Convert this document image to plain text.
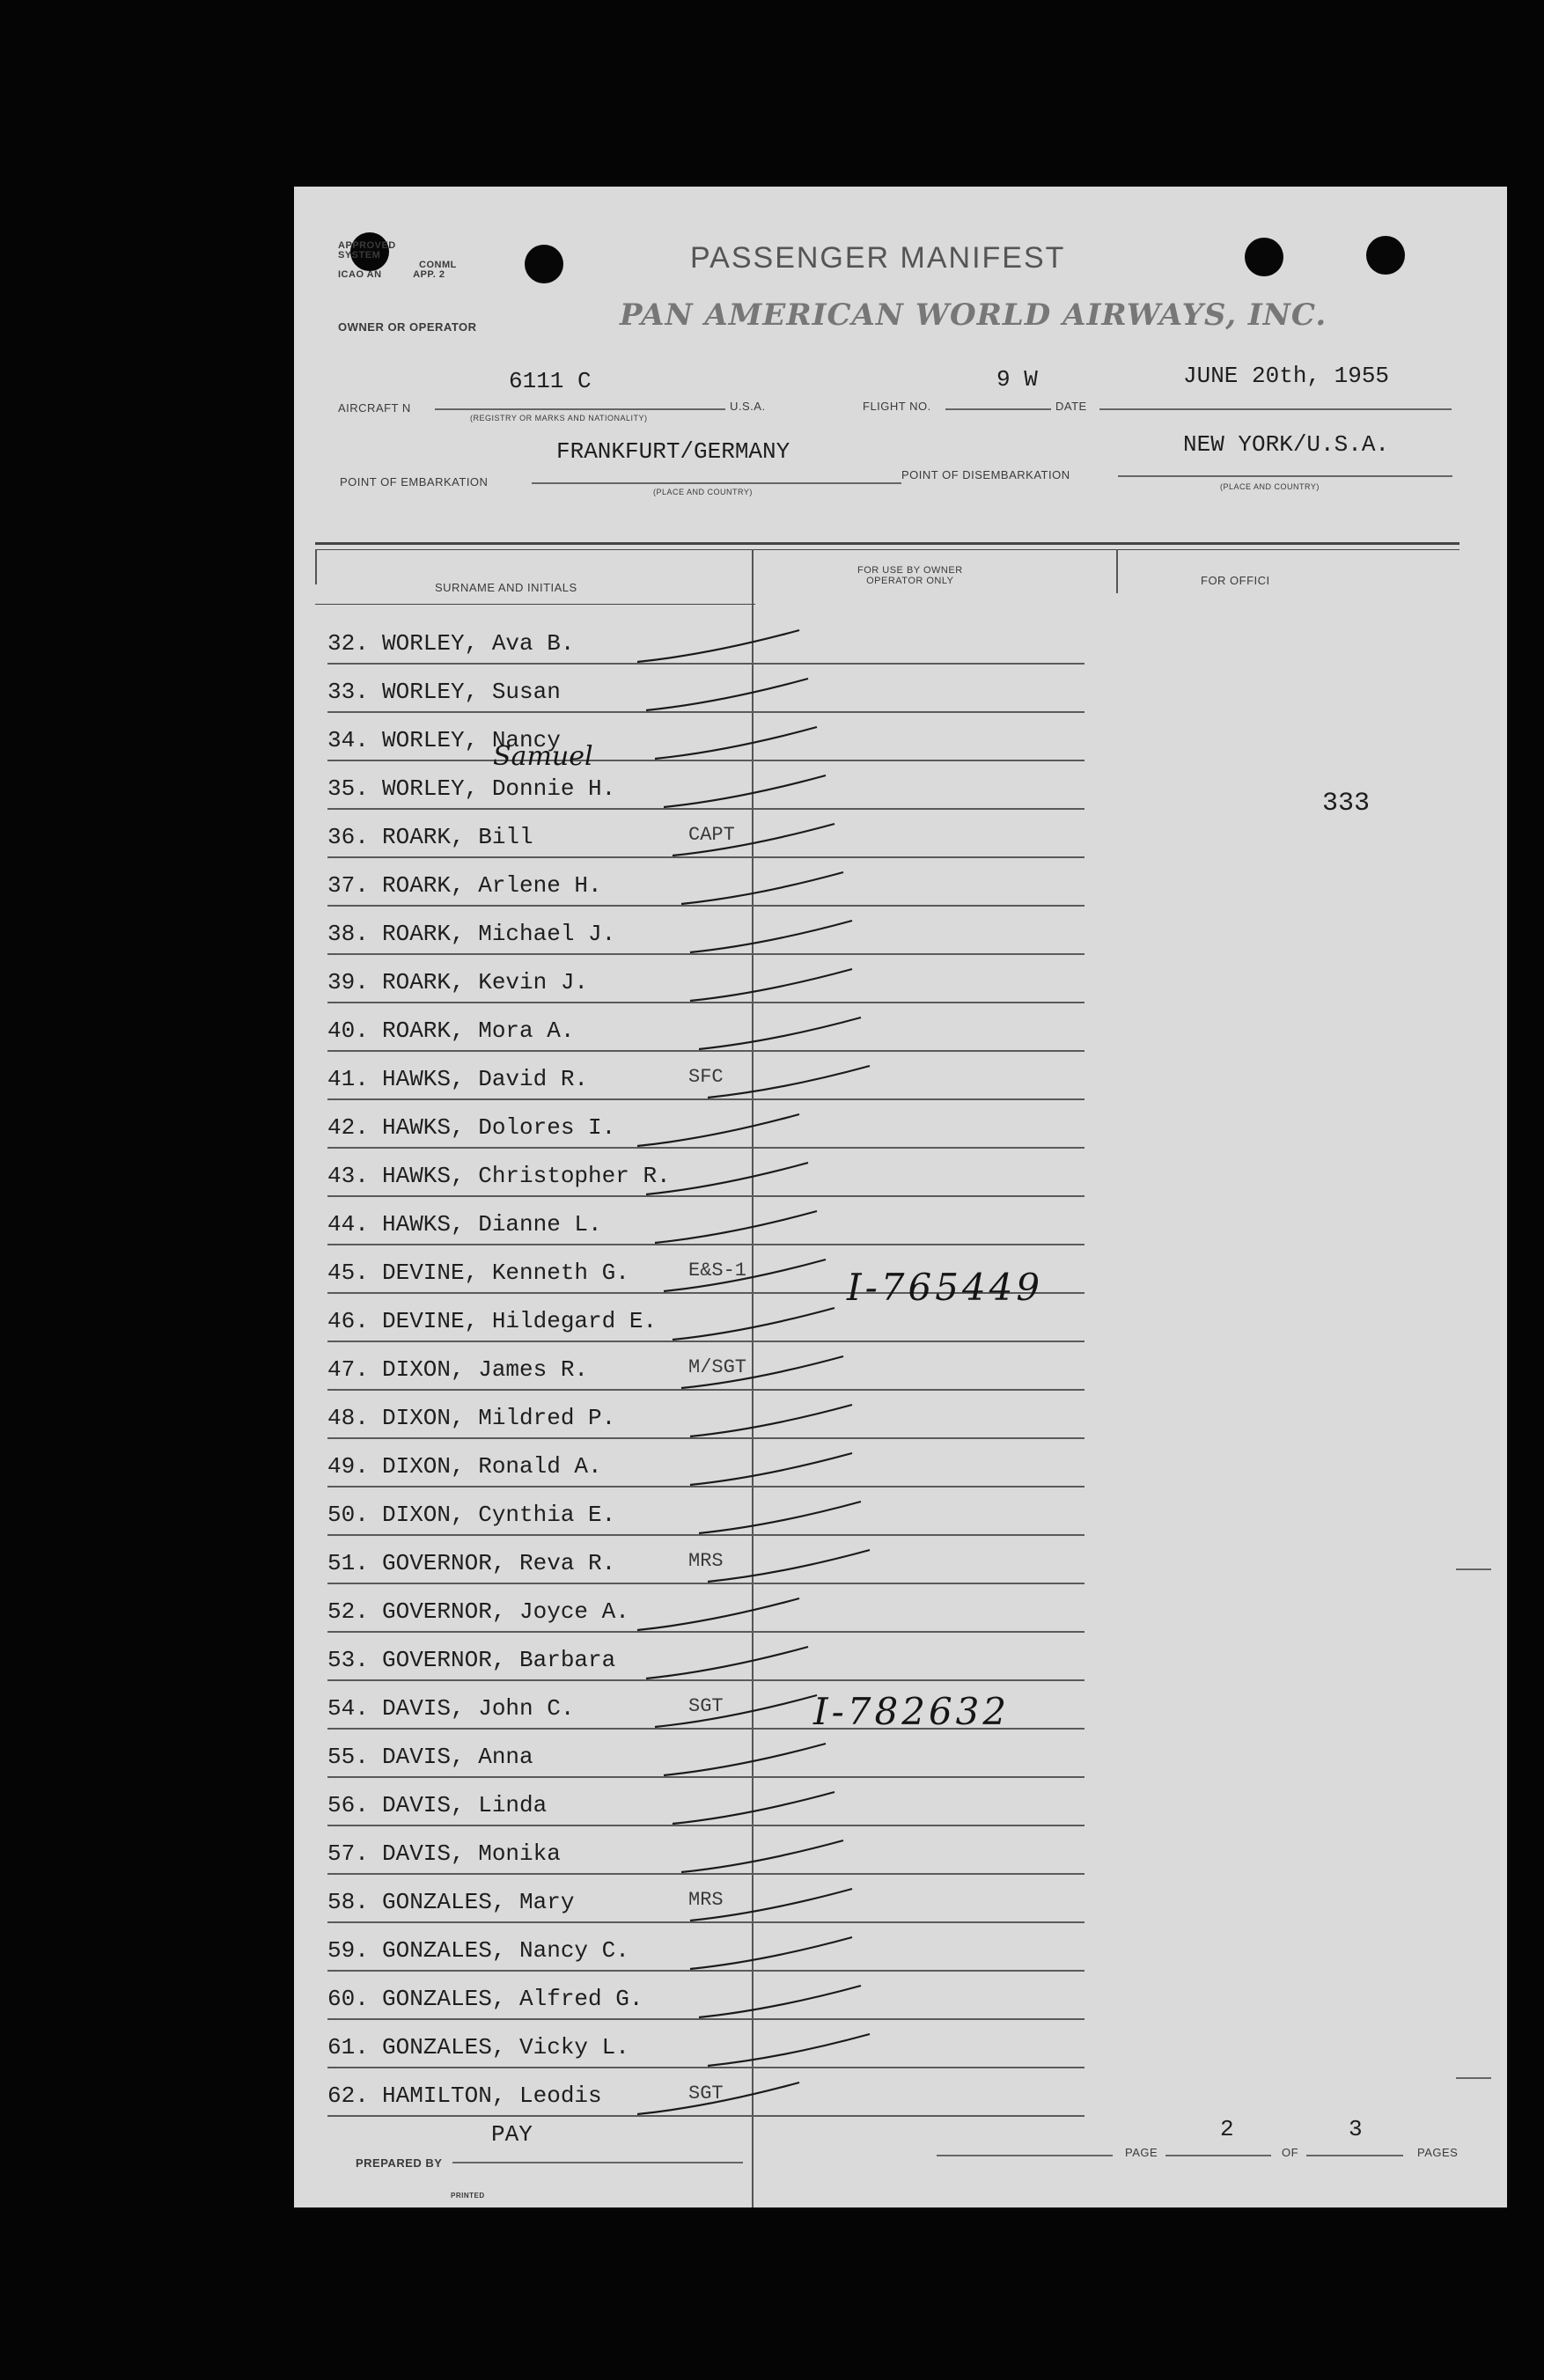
APPROVED
SYSTEM
CONML
ICAO AN	APP. 2	PASSENGER MANIFEST
OWNER OR OPERATOR	PAN AMERICAN WORLD AIRWAYS, INC.
AIRCRAFT N
6111 C
(REGISTRY OR MARKS AND NATIONALITY)
U.S.A.	FLIGHT NO.
9 W
DATE
JUNE 20th, 1955
POINT OF EMBARKATION
FRANKFURT/GERMANY
(PLACE AND COUNTRY)
POINT OF DISEMBARKATION
NEW YORK/U.S.A.
(PLACE AND COUNTRY)
SURNAME AND INITIALS
FOR USE BY OWNER
OPERATOR ONLY	FOR OFFICI
32. WORLEY, Ava B.
33. WORLEY, Susan
34. WORLEY, Nancy
35. WORLEY, Donnie H.
36. ROARK, Bill	CAPT
37. ROARK, Arlene H.
38. ROARK, Michael J.
39. ROARK, Kevin J.
40. ROARK, Mora A.
41. HAWKS, David R.	SFC
42. HAWKS, Dolores I.
43. HAWKS, Christopher R.
44. HAWKS, Dianne L.
45. DEVINE, Kenneth G.	E&S-1
46. DEVINE, Hildegard E.
47. DIXON, James R.	M/SGT
48. DIXON, Mildred P.
49. DIXON, Ronald A.
50. DIXON, Cynthia E.
51. GOVERNOR, Reva R.	MRS
52. GOVERNOR, Joyce A.
53. GOVERNOR, Barbara
54. DAVIS, John C.	SGT
55. DAVIS, Anna
56. DAVIS, Linda
57. DAVIS, Monika
58. GONZALES, Mary	MRS
59. GONZALES, Nancy C.
60. GONZALES, Alfred G.
61. GONZALES, Vicky L.
62. HAMILTON, Leodis	SGT
333
Samuel
I-765449
I-782632
PREPARED BY
PAY
PAGE
2
OF
3
PAGES
PRINTED
